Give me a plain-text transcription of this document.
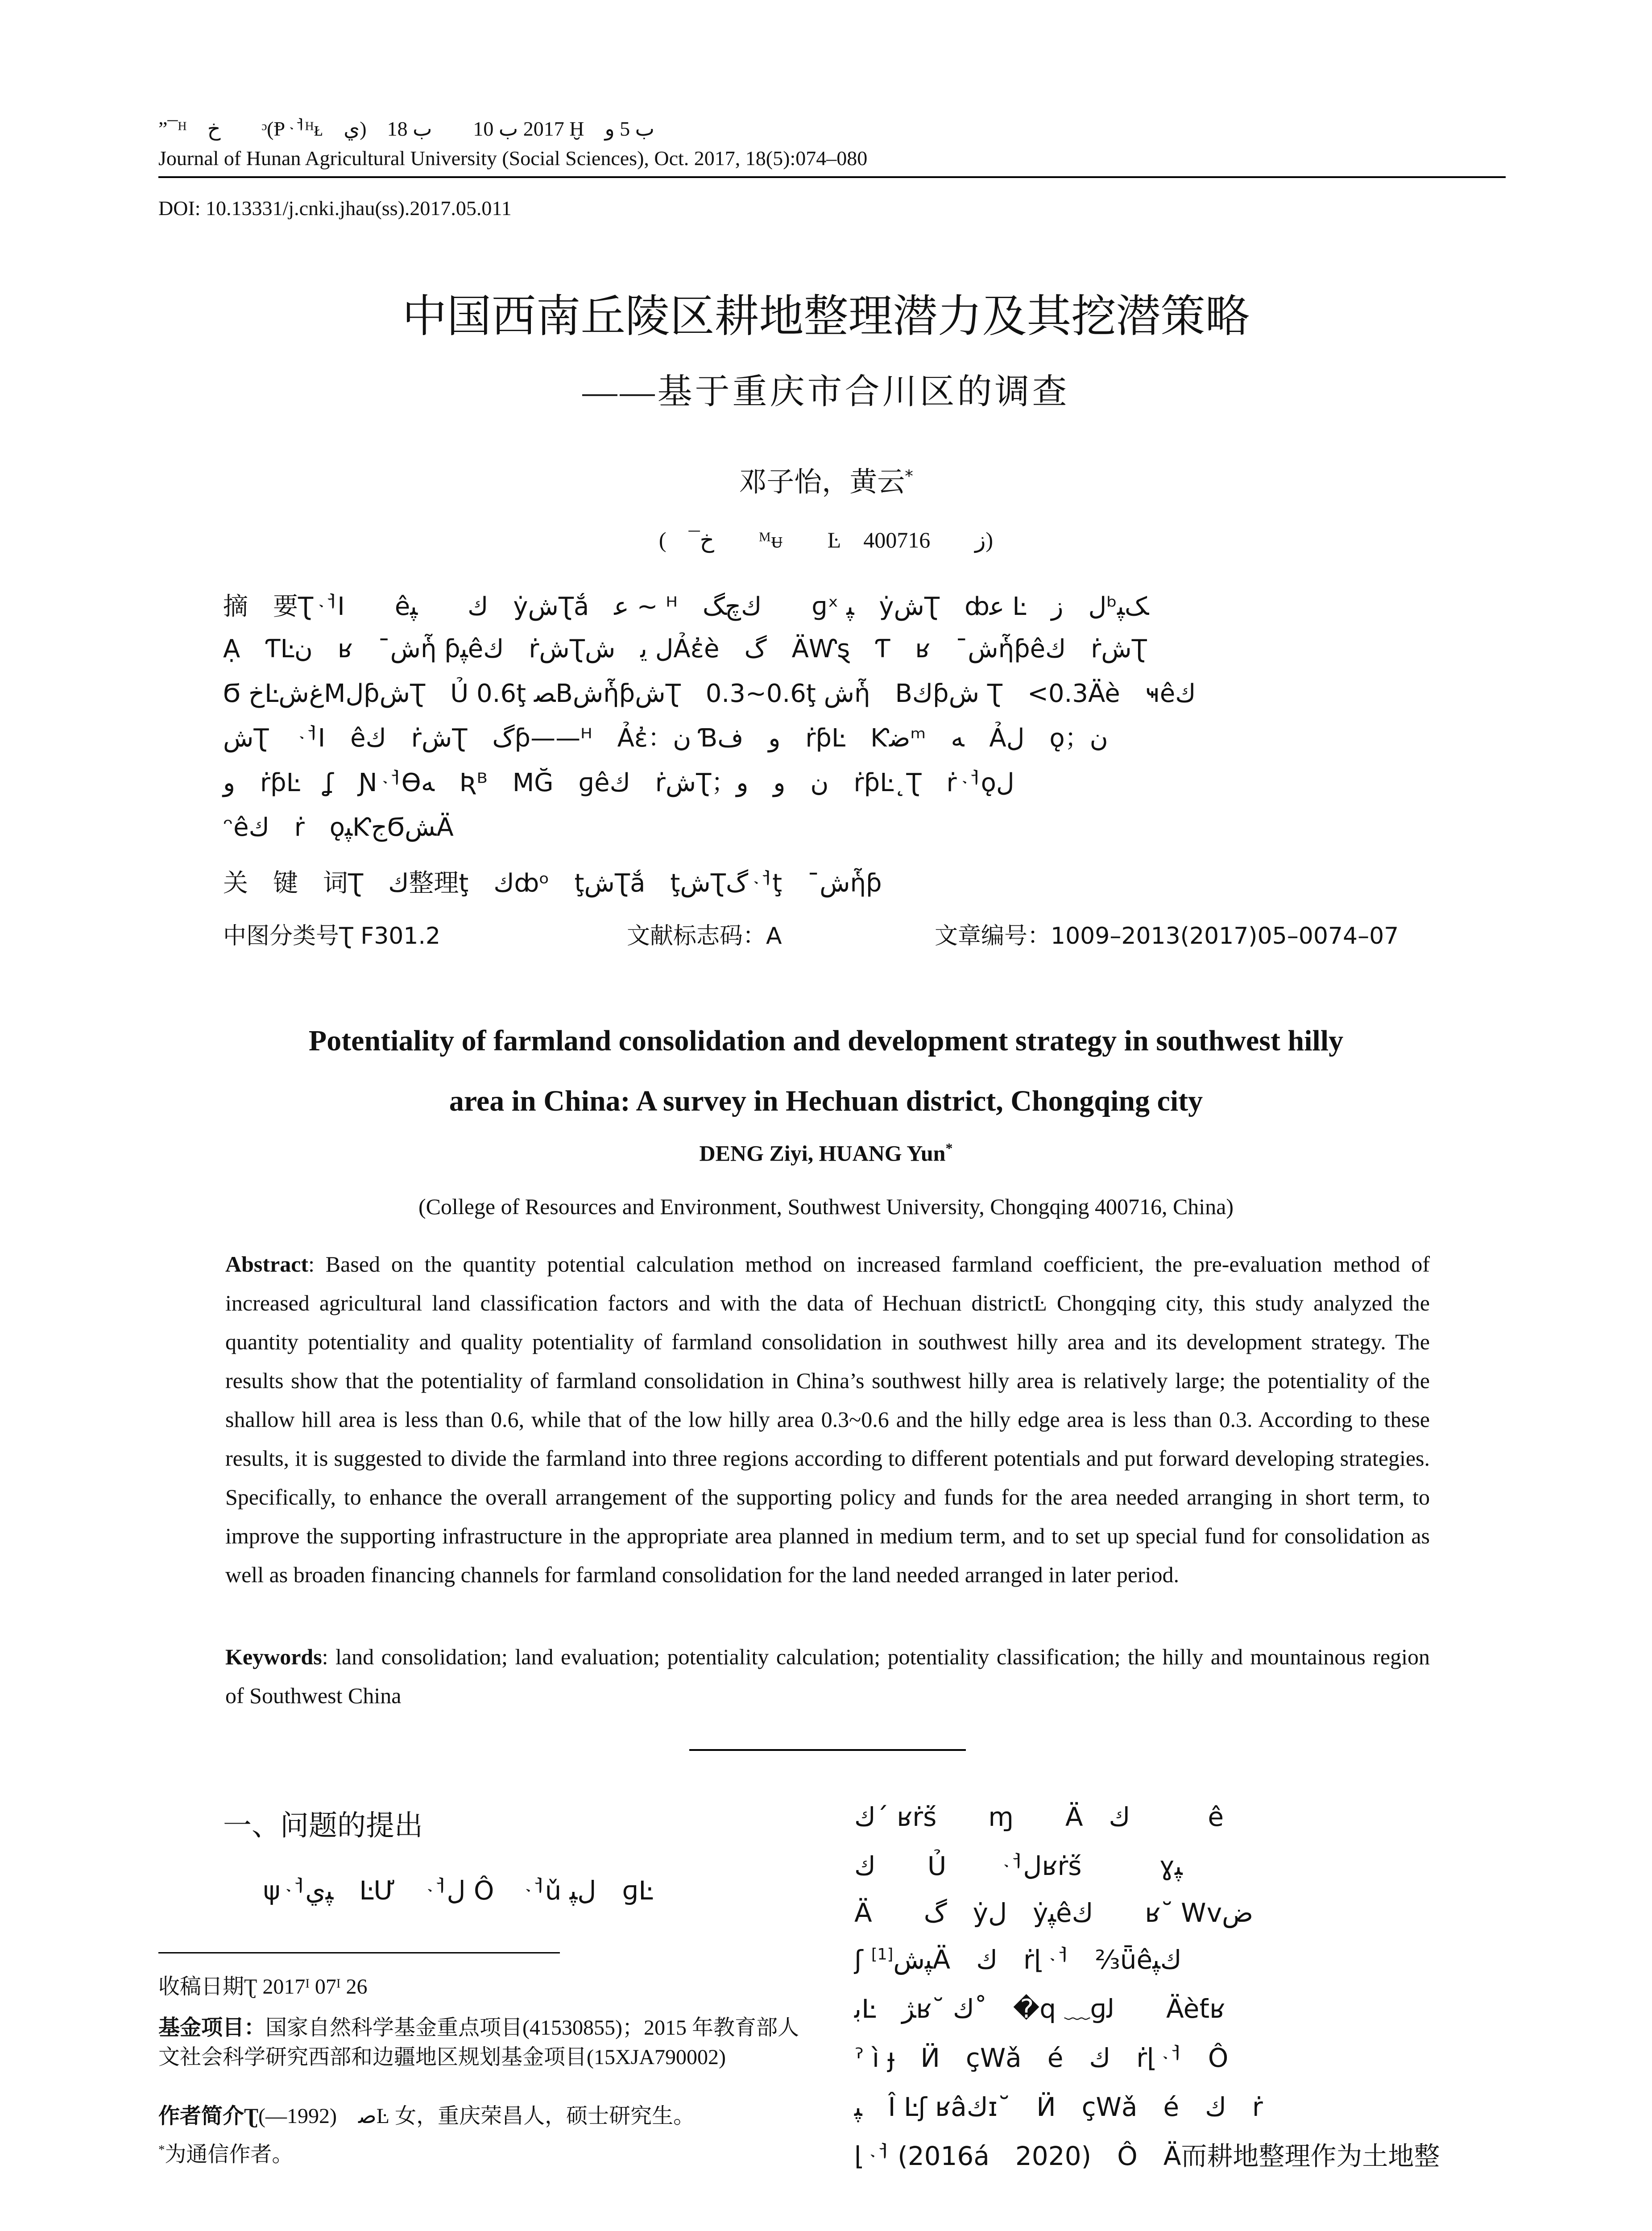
”¯ᴴ　خ　　ᵓ(Ᵽᆟᴴᴌ　ي)　2017 ب 10　　ب 18 Ḫ　ب 5 ﻭ
Journal of Hunan Agricultural University (Social Sciences), Oct. 2017, 18(5):074–080
DOI: 10.13331/j.cnki.jhau(ss).2017.05.011
中国西南丘陵区耕地整理潜力及其挖潜策略
——基于重庆市合川区的调查
邓子怡，黄云*
(　¯خ　　ᴹᵾ　　Ŀ　ﺯ　　400716)
摘　要ƮᆟI　　êﻙ　　ﭙ　ẏﺵƮắ　ﻋ ~ ᴴ　ﻙﭺﮓ　　ɡˣ ﭙ　ẏﺵƮ　ȸﻋ Ŀ　ﻝ　ﺯᵇﮏﭙ
Ạ　ƬĿﻥ　ʁ　¯ﺵἧ ƥﭙêﻙ　ṙﺵƮﻝ ﻳ　ﺵẢἐè　ﮒ　ÄⱲȿ　Ƭ　ʁ　¯ﺵἧƥêﻙ　ṙﺵƮ
Ϭ خĿﻍﺵMﻝƥﺵƮ　Ủ 0.6ţ ﺼBﺵἧƥﺵƮ　0.3~0.6ţ ﺵἧ　Bﻙƥﺵ Ʈ　<0.3Äè　ҹêﻙ
ﺵƮ　ᆟI　êﻙ　ṙﺵƮ　ﮒƥ——ᴴ　Ảἐ：ﻥ Ɓﻭ　ﻑ　ṙƥĿ　Ƙﺿᵐ　ﻪ　Ảﻝ　ǫ；ﻥ
ﻭ　ṙƥĿ　ʆ　ƝᆟƟﻪ　Ʀᴮ　MĞ　ɡêﻙ　ṙﺵƮ；ﻥ　ﻭ　ﻭ　ṙƥĿ˛Ʈ　ṙᆟǫﻝ
ᵔêﻙ　ṙ　ǫﭙƘﺝϬﺶÄ
关　键　词Ʈ　ﻙ整理ţ　ﻙȸᵒ　ţﺵƮắ　ţﺵƮﮒᆟţ　¯ﺵἧƥ
中图分类号Ʈ F301.2	文献标志码：A	文章编号：1009–2013(2017)05–0074–07
Potentiality of farmland consolidation and development strategy in southwest hilly
area in China: A survey in Hechuan district, Chongqing city
DENG Ziyi, HUANG Yun*
(College of Resources and Environment, Southwest University, Chongqing 400716, China)
Abstract: Based on the quantity potential calculation method on increased farmland coefficient, the pre-evaluation method of increased agricultural land classification factors and with the data of Hechuan districtĿ Chongqing city, this study analyzed the quantity potentiality and quality potentiality of farmland consolidation in southwest hilly area and its development strategy. The results show that the potentiality of farmland consolidation in China’s southwest hilly area is relatively large; the potentiality of the shallow hill area is less than 0.6, while that of the low hilly area 0.3~0.6 and the hilly edge area is less than 0.3. According to these results, it is suggested to divide the farmland into three regions according to different potentials and put forward developing strategies. Specifically, to enhance the overall arrangement of the supporting policy and funds for the area needed arranging in short term, to improve the supporting infrastructure in the appropriate area planned in medium term, and to set up special fund for consolidation as well as broaden financing channels for farmland consolidation for the land needed arranged in later period.
Keywords: land consolidation; land evaluation; potentiality calculation; potentiality classification; the hilly and mountainous region of Southwest China
一、问题的提出
ψᆟﭙﻱ　ĿƯ　ᆟﻝ Ô　ᆟǔ ﻝﭙ　ɡĿ
收稿日期Ʈ 2017ᴵ 07ᴵ 26
基金项目：国家自然科学基金重点项目(41530855)；2015 年教育部人文社会科学研究西部和边疆地区规划基金项目(15XJA790002)
作者简介Ʈﺻ　(1992—)Ŀ 女，重庆荣昌人，硕士研究生。
*为通信作者。
ﻙ´ ʁṙṥ　　ɱ　　Ä　ﻙ　　　ê
ﻙ　　Ủ　　ᆟﻝʁṙṥ　　　ɣﭙ
Ä　　ﮒ　ẏﻝ　ẏﭙêﻙ　　ʁ˘ Ꮃvﺽ
ʃ ﭙﺵ[1] Ä　ﻙ　ṙ⌊ᆟ　⅔ǖêﻙﭙ
ﺑĿ　ﮋʁ˘ ﻙ˚　�q ﹏ɡﻟ　　Äèƭʁ
ˀ ì ɟ　Ӥ　çWǎ　é　ﻙ　ṙ⌊ᆟ　Ô
ﭙ　Î Ŀʃ ʁâﻙɪ˘　Ӥ　çWǎ　é　ﻙ　ṙ
⌊ᆟ (2016á　2020)　Ô　Ä而耕地整理作为土地整
